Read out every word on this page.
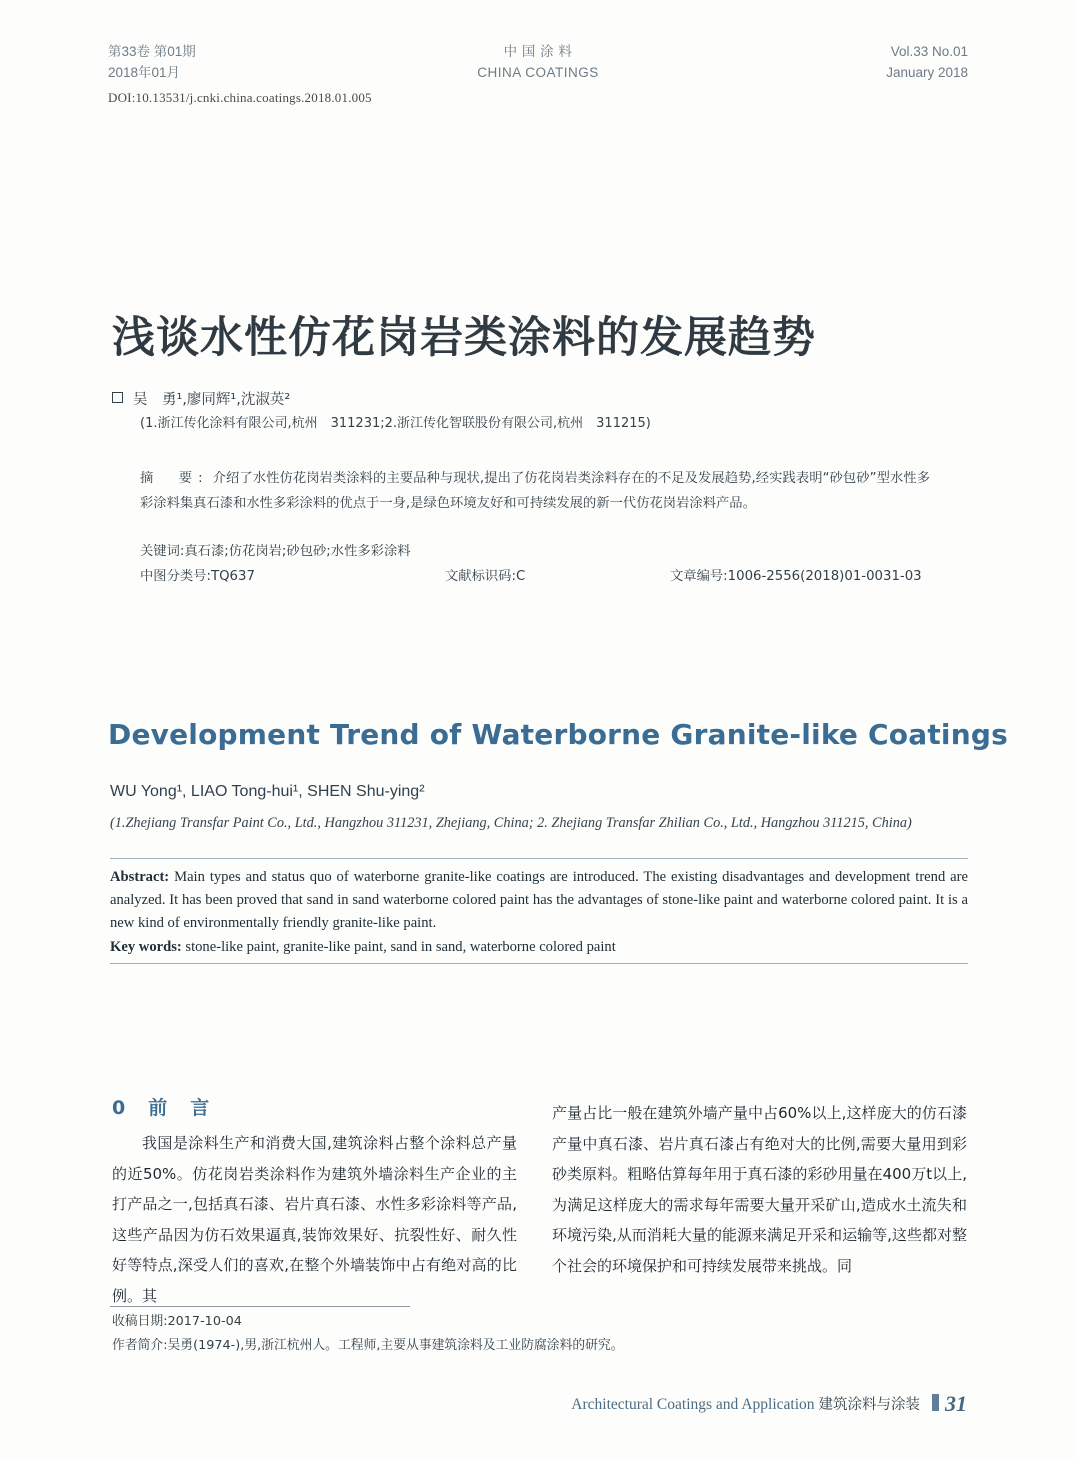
第33卷 第01期
2018年01月
中 国 涂 料
CHINA COATINGS
Vol.33 No.01
January 2018
DOI:10.13531/j.cnki.china.coatings.2018.01.005
浅谈水性仿花岗岩类涂料的发展趋势
吴　勇¹,廖同辉¹,沈淑英²
(1.浙江传化涂料有限公司,杭州　311231;2.浙江传化智联股份有限公司,杭州　311215)
摘　要: 介绍了水性仿花岗岩类涂料的主要品种与现状,提出了仿花岗岩类涂料存在的不足及发展趋势,经实践表明“砂包砂”型水性多彩涂料集真石漆和水性多彩涂料的优点于一身,是绿色环境友好和可持续发展的新一代仿花岗岩涂料产品。
关键词:真石漆;仿花岗岩;砂包砂;水性多彩涂料
中图分类号:TQ637	文献标识码:C	文章编号:1006-2556(2018)01-0031-03
Development Trend of Waterborne Granite-like Coatings
WU Yong¹, LIAO Tong-hui¹, SHEN Shu-ying²
(1.Zhejiang Transfar Paint Co., Ltd., Hangzhou 311231, Zhejiang, China; 2. Zhejiang Transfar Zhilian Co., Ltd., Hangzhou 311215, China)
Abstract: Main types and status quo of waterborne granite-like coatings are introduced. The existing disadvantages and development trend are analyzed. It has been proved that sand in sand waterborne colored paint has the advantages of stone-like paint and waterborne colored paint. It is a new kind of environmentally friendly granite-like paint.
Key words: stone-like paint, granite-like paint, sand in sand, waterborne colored paint
0　前　言
我国是涂料生产和消费大国,建筑涂料占整个涂料总产量的近50%。仿花岗岩类涂料作为建筑外墙涂料生产企业的主打产品之一,包括真石漆、岩片真石漆、水性多彩涂料等产品,这些产品因为仿石效果逼真,装饰效果好、抗裂性好、耐久性好等特点,深受人们的喜欢,在整个外墙装饰中占有绝对高的比例。其
产量占比一般在建筑外墙产量中占60%以上,这样庞大的仿石漆产量中真石漆、岩片真石漆占有绝对大的比例,需要大量用到彩砂类原料。粗略估算每年用于真石漆的彩砂用量在400万t以上,为满足这样庞大的需求每年需要大量开采矿山,造成水土流失和环境污染,从而消耗大量的能源来满足开采和运输等,这些都对整个社会的环境保护和可持续发展带来挑战。同
收稿日期:2017-10-04
作者简介:吴勇(1974-),男,浙江杭州人。工程师,主要从事建筑涂料及工业防腐涂料的研究。
Architectural Coatings and Application 建筑涂料与涂装 31
